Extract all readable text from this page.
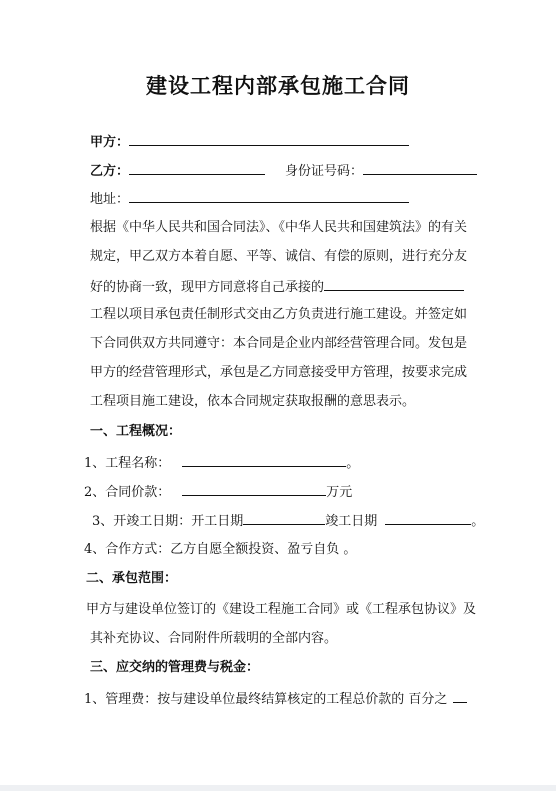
建设工程内部承包施工合同
甲方：
乙方：	身份证号码：
地址：
根据《中华人民共和国合同法》、《中华人民共和国建筑法》的有关
规定，甲乙双方本着自愿、平等、诚信、有偿的原则，进行充分友
好的协商一致，现甲方同意将自己承接的
工程以项目承包责任制形式交由乙方负责进行施工建设。并签定如
下合同供双方共同遵守：本合同是企业内部经营管理合同。发包是
甲方的经营管理形式，承包是乙方同意接受甲方管理，按要求完成
工程项目施工建设，依本合同规定获取报酬的意思表示。
一、工程概况：
1、工程名称：	。
2、合同价款：	万元
3、开竣工日期：开工日期	竣工日期	。
4、合作方式：乙方自愿全额投资、盈亏自负 。
二、承包范围：
甲方与建设单位签订的《建设工程施工合同》或《工程承包协议》及
其补充协议、合同附件所载明的全部内容。
三、应交纳的管理费与税金：
1、管理费：按与建设单位最终结算核定的工程总价款的 百分之
